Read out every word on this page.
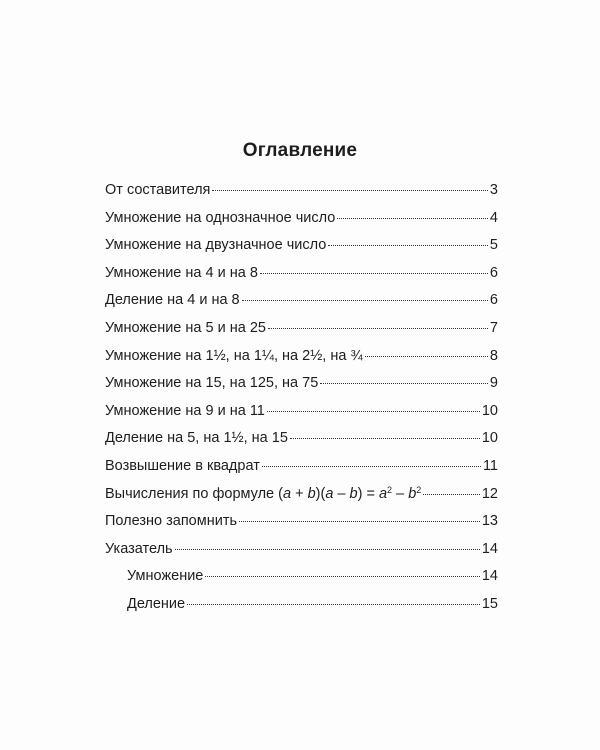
Оглавление
От составителя	3
Умножение на однозначное число	4
Умножение на двузначное число	5
Умножение на 4 и на 8	6
Деление на 4 и на 8	6
Умножение на 5 и на 25	7
Умножение на 1½, на 1¼, на 2½, на ¾	8
Умножение на 15, на 125, на 75	9
Умножение на 9 и на 11	10
Деление на 5, на 1½, на 15	10
Возвышение в квадрат	11
Вычисления по формуле $(a + b)(a - b) = a^2 - b^2$	12
Полезно запомнить	13
Указатель	14
Умножение	14
Деление	15
